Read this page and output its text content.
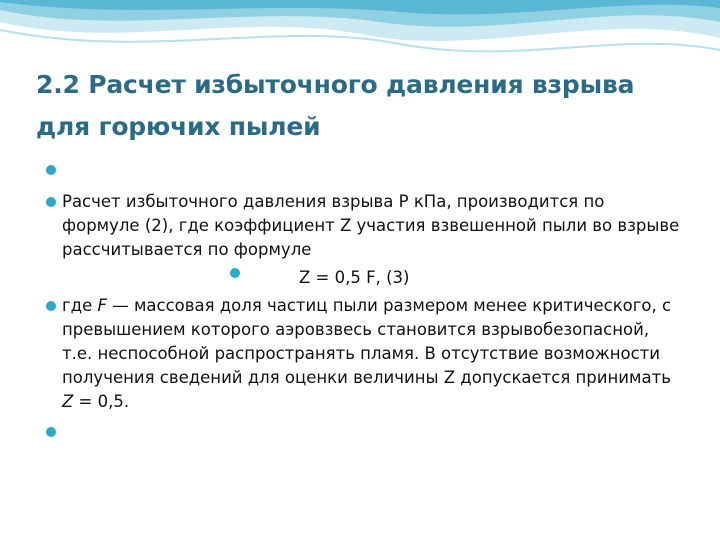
2.2 Расчет избыточного давления взрыва для горючих пылей
Расчет избыточного давления взрыва P кПа, производится по формуле (2), где коэффициент Z участия взвешенной пыли во взрыве рассчитывается по формуле
Z = 0,5 F, (3)
где F — массовая доля частиц пыли размером менее критического, с превышением которого аэровзвесь становится взрывобезопасной, т.е. неспособной распространять пламя. В отсутствие возможности получения сведений для оценки величины Z допускается принимать Z = 0,5.
